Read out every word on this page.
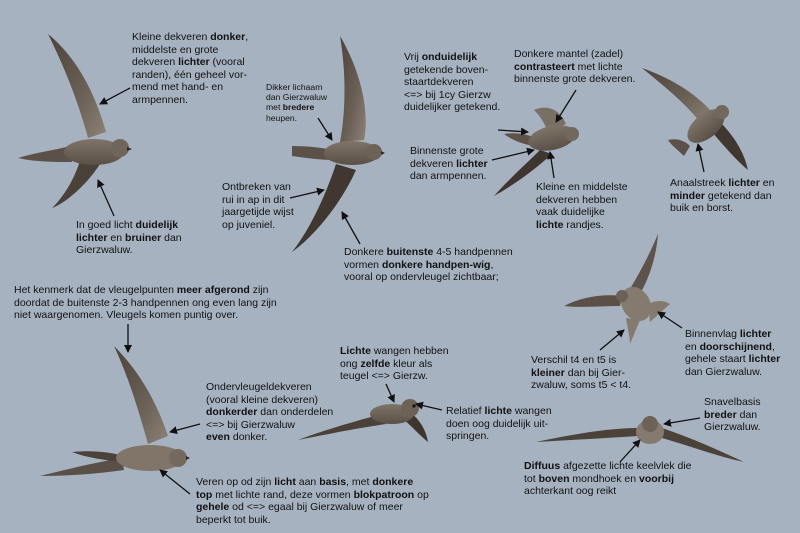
Kleine dekveren donker,
middelste en grote
dekveren lichter (vooral
randen), één geheel vor-
mend met hand- en
armpennen.

In goed licht duidelijk
lichter en bruiner dan
Gierzwaluw.

Dikker lichaam
dan Gierzwaluw
met bredere
heupen.

Ontbreken van
rui in ap in dit
jaargetijde wijst
op juveniel.

Donkere buitenste 4-5 handpennen
vormen donkere handpen-wig,
vooral op ondervleugel zichtbaar;

Vrij onduidelijk
getekende boven-
staartdekveren
<=> bij 1cy Gierzw
duidelijker getekend.

Binnenste grote
dekveren lichter
dan armpennen.

Donkere mantel (zadel)
contrasteert met lichte
binnenste grote dekveren.

Kleine en middelste
dekveren hebben
vaak duidelijke
lichte randjes.

Anaalstreek lichter en
minder getekend dan
buik en borst.

Het kenmerk dat de vleugelpunten meer afgerond zijn
doordat de buitenste 2-3 handpennen ong even lang zijn
niet waargenomen. Vleugels komen puntig over.

Binnenvlag lichter
en doorschijnend,
gehele staart lichter
dan Gierzwaluw.

Verschil t4 en t5 is
kleiner dan bij Gier-
zwaluw, soms t5 < t4.

Lichte wangen hebben
ong zelfde kleur als
teugel <=> Gierzw.

Ondervleugeldekveren
(vooral kleine dekveren)
donkerder dan onderdelen
<=> bij Gierzwaluw
even donker.

Relatief lichte wangen
doen oog duidelijk uit-
springen.

Snavelbasis
breder dan
Gierzwaluw.

Veren op od zijn licht aan basis, met donkere
top met lichte rand, deze vormen blokpatroon op
gehele od <=> egaal bij Gierzwaluw of meer
beperkt tot buik.

Diffuus afgezette lichte keelvlek die
tot boven mondhoek en voorbij
achterkant oog reikt
